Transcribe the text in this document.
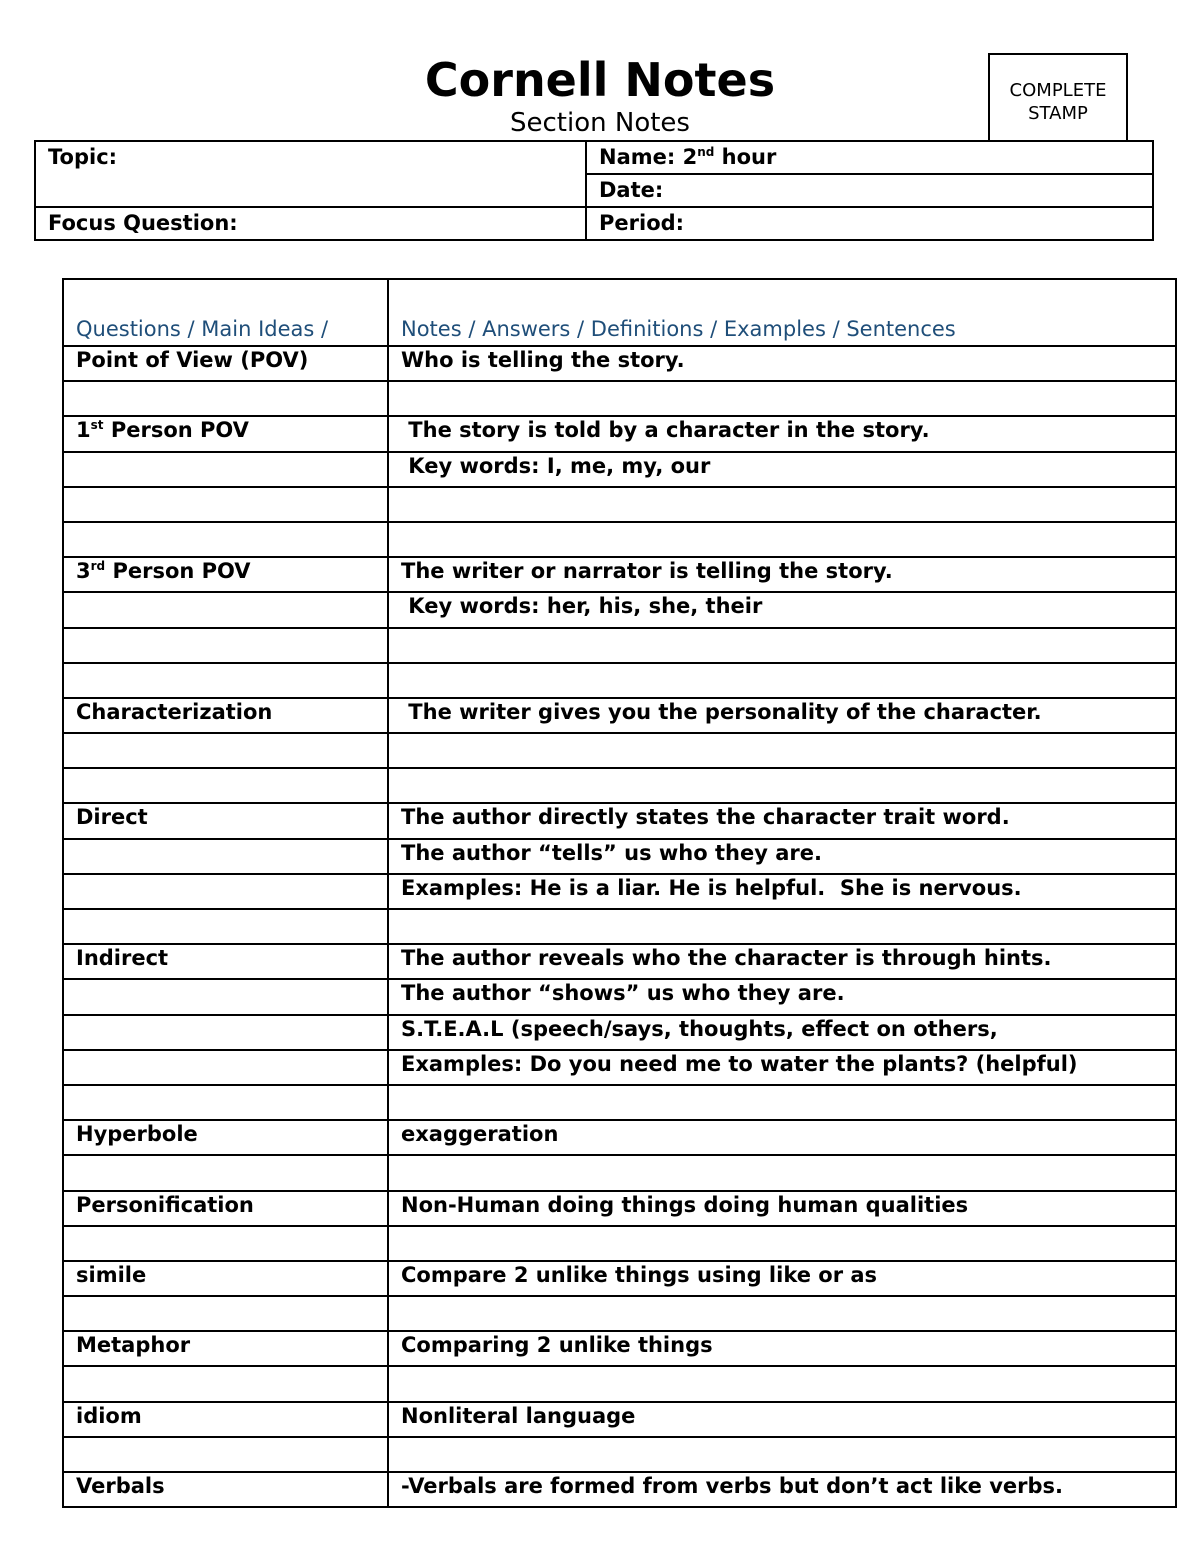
Cornell Notes
Section Notes
COMPLETE
STAMP
Topic:	Name: 2nd hour
	Date:
Focus Question:	Period:
Questions / Main Ideas /	Notes / Answers / Definitions / Examples / Sentences
Point of View (POV)	Who is telling the story.

1st Person POV	The story is told by a character in the story.
	Key words: I, me, my, our

3rd Person POV	The writer or narrator is telling the story.
	Key words: her, his, she, their

Characterization	The writer gives you the personality of the character.

Direct	The author directly states the character trait word.
	The author “tells” us who they are.
	Examples: He is a liar. He is helpful.  She is nervous.

Indirect	The author reveals who the character is through hints.
	The author “shows” us who they are.
	S.T.E.A.L (speech/says, thoughts, effect on others,
	Examples: Do you need me to water the plants? (helpful)

Hyperbole	exaggeration

Personification	Non-Human doing things doing human qualities

simile	Compare 2 unlike things using like or as

Metaphor	Comparing 2 unlike things

idiom	Nonliteral language

Verbals	-Verbals are formed from verbs but don’t act like verbs.
